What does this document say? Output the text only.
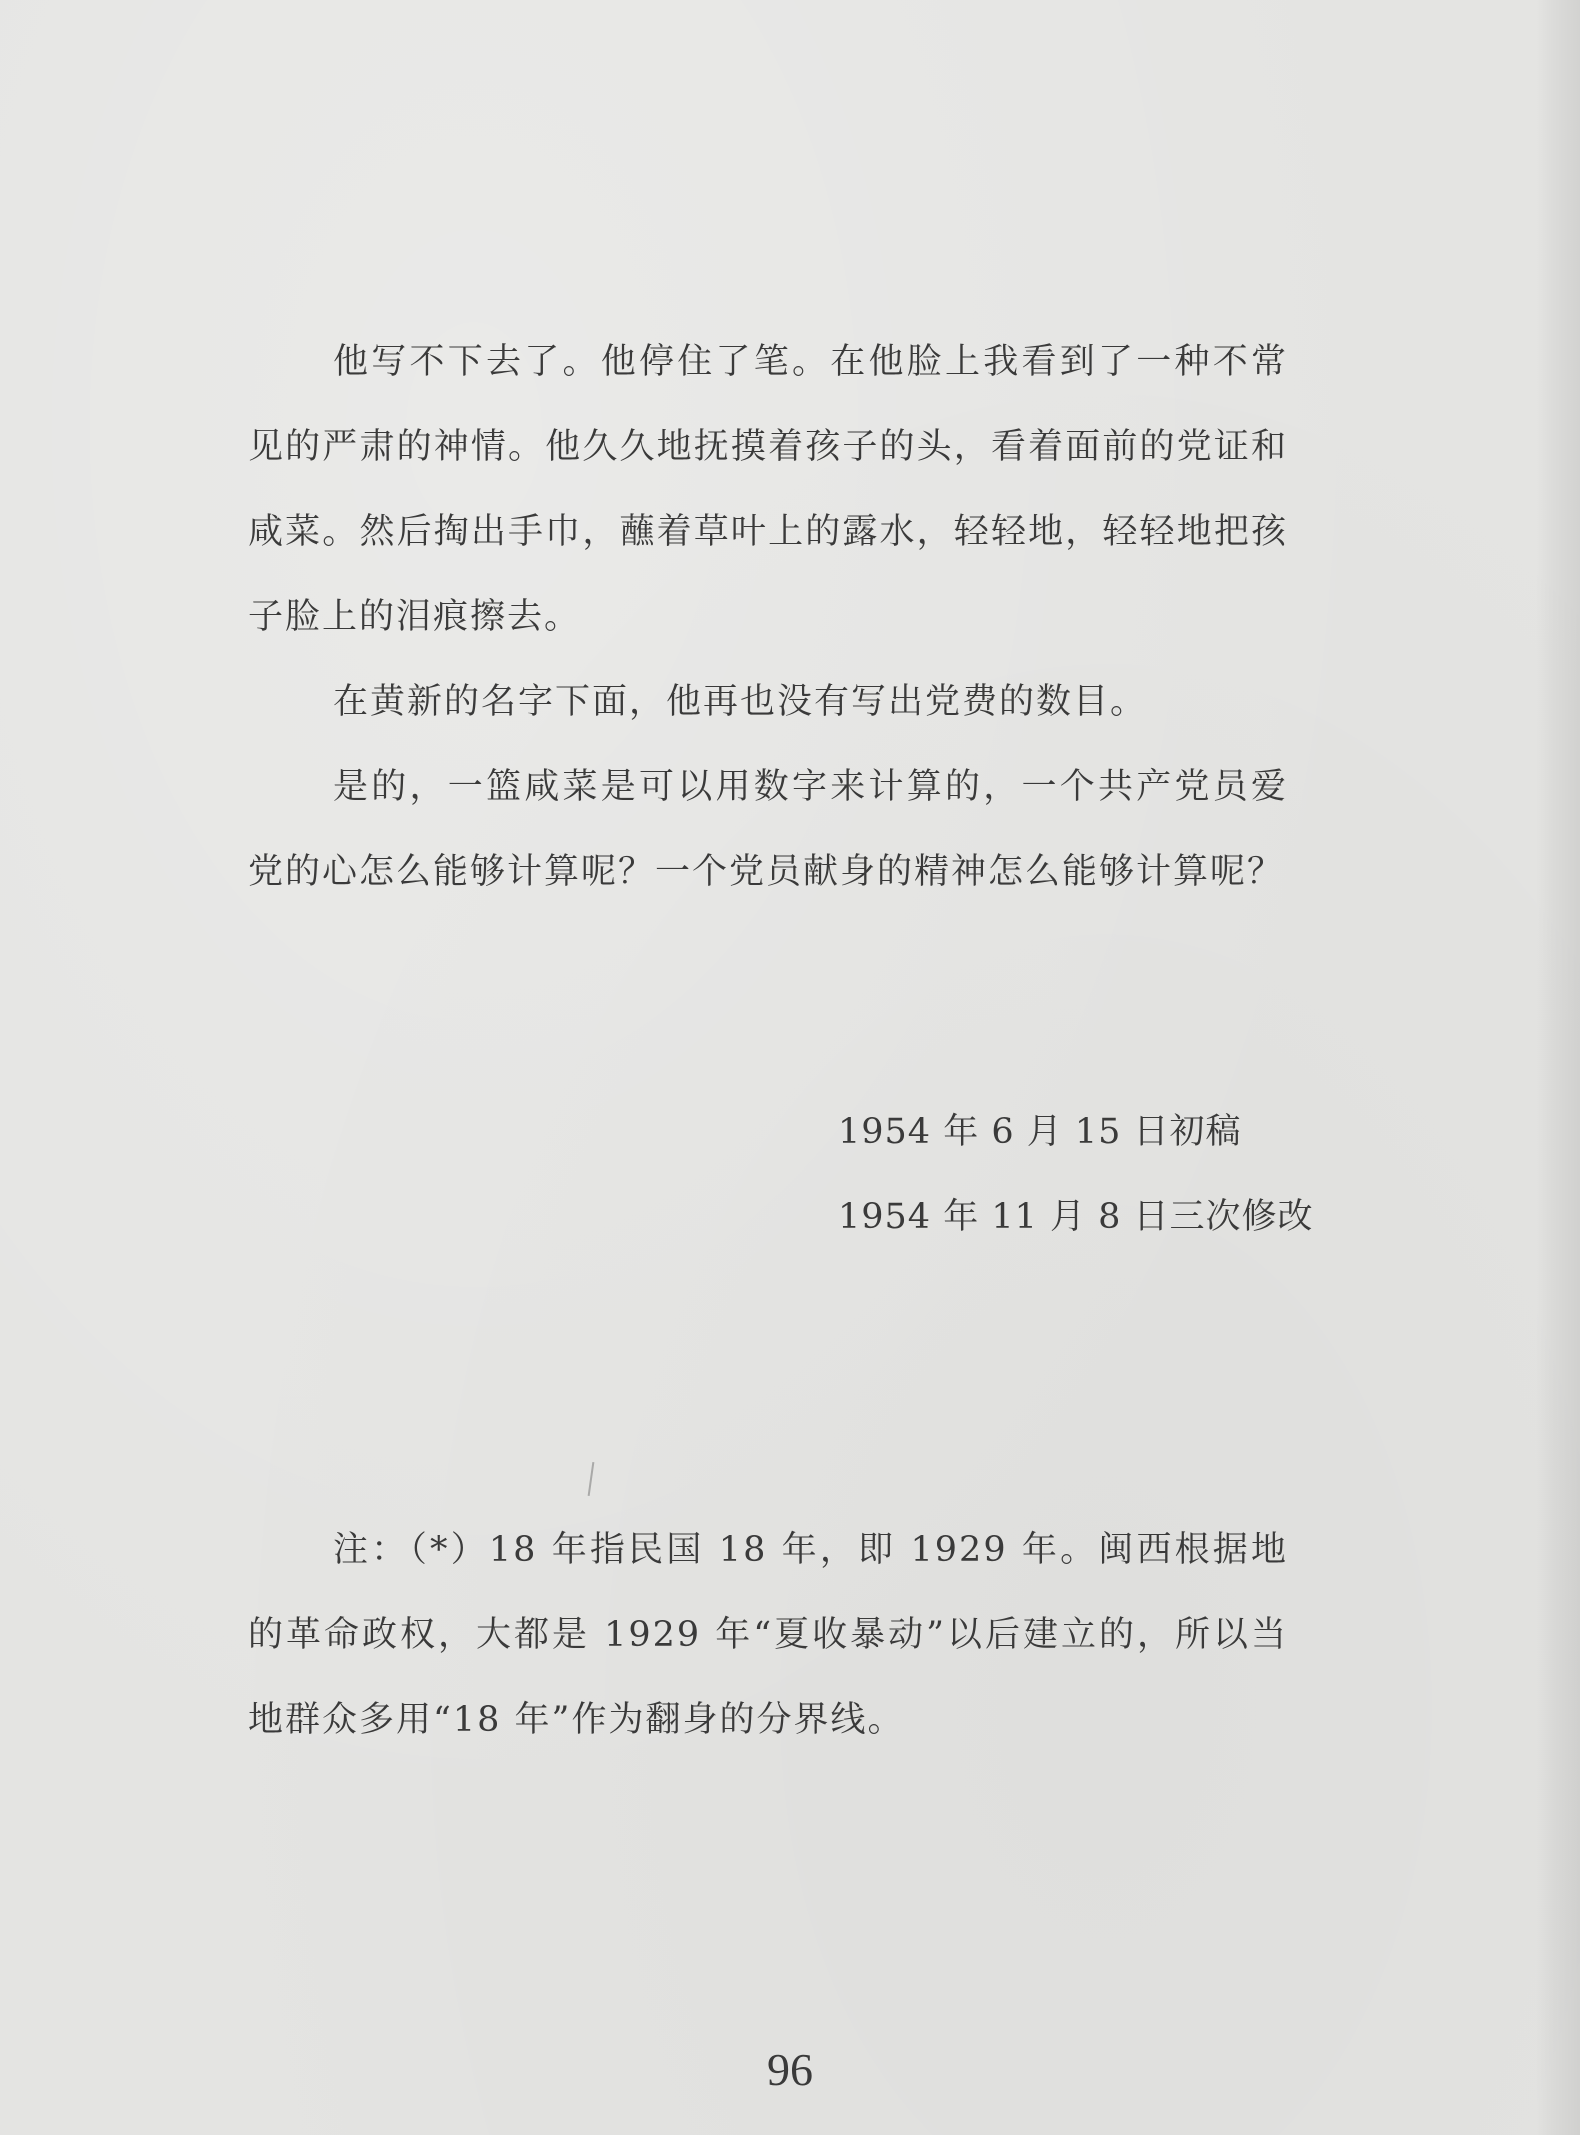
他写不下去了。他停住了笔。在他脸上我看到了一种不常见的严肃的神情。他久久地抚摸着孩子的头，看着面前的党证和咸菜。然后掏出手巾，蘸着草叶上的露水，轻轻地，轻轻地把孩子脸上的泪痕擦去。

在黄新的名字下面，他再也没有写出党费的数目。

是的，一篮咸菜是可以用数字来计算的，一个共产党员爱党的心怎么能够计算呢？一个党员献身的精神怎么能够计算呢？

1954 年 6 月 15 日初稿
1954 年 11 月 8 日三次修改

注：（*）18 年指民国 18 年，即 1929 年。闽西根据地的革命政权，大都是 1929 年“夏收暴动”以后建立的，所以当地群众多用“18 年”作为翻身的分界线。

96
